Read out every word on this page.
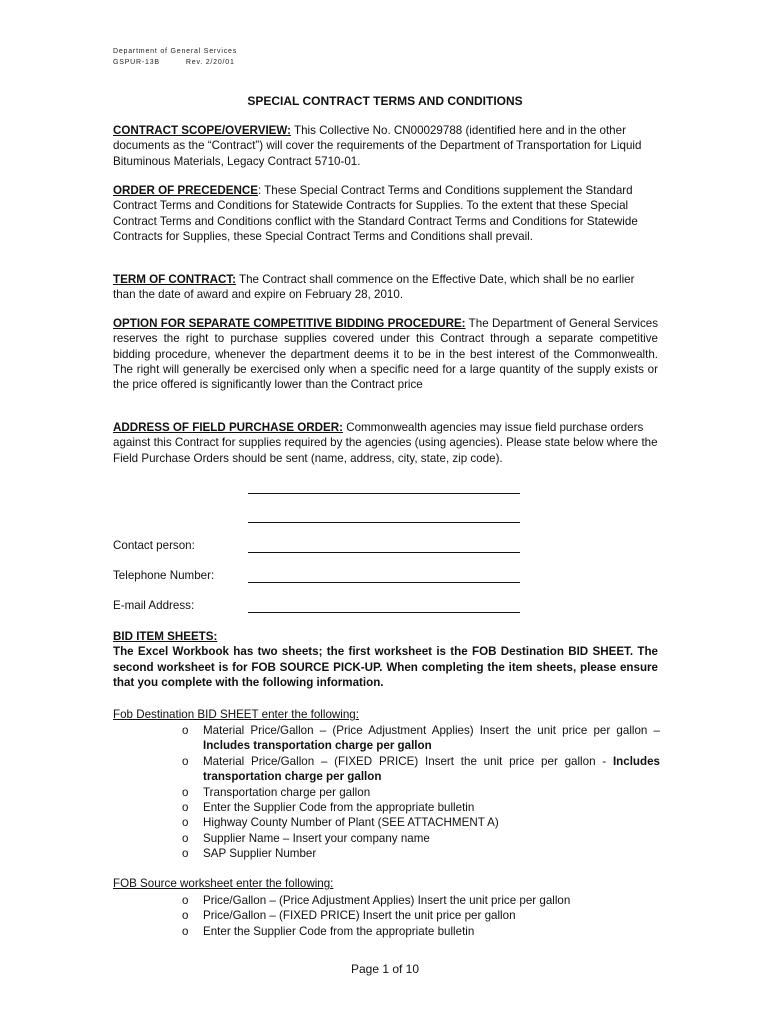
Department of General Services
GSPUR-13B	Rev. 2/20/01
SPECIAL CONTRACT TERMS AND CONDITIONS

CONTRACT SCOPE/OVERVIEW: This Collective No. CN00029788 (identified here and in the other documents as the “Contract”) will cover the requirements of the Department of Transportation for Liquid Bituminous Materials, Legacy Contract 5710-01.

ORDER OF PRECEDENCE: These Special Contract Terms and Conditions supplement the Standard Contract Terms and Conditions for Statewide Contracts for Supplies. To the extent that these Special Contract Terms and Conditions conflict with the Standard Contract Terms and Conditions for Statewide Contracts for Supplies, these Special Contract Terms and Conditions shall prevail.

TERM OF CONTRACT: The Contract shall commence on the Effective Date, which shall be no earlier than the date of award and expire on February 28, 2010.

OPTION FOR SEPARATE COMPETITIVE BIDDING PROCEDURE: The Department of General Services reserves the right to purchase supplies covered under this Contract through a separate competitive bidding procedure, whenever the department deems it to be in the best interest of the Commonwealth. The right will generally be exercised only when a specific need for a large quantity of the supply exists or the price offered is significantly lower than the Contract price

ADDRESS OF FIELD PURCHASE ORDER: Commonwealth agencies may issue field purchase orders against this Contract for supplies required by the agencies (using agencies). Please state below where the Field Purchase Orders should be sent (name, address, city, state, zip code).

Contact person:
Telephone Number:
E-mail Address:

BID ITEM SHEETS:
The Excel Workbook has two sheets; the first worksheet is the FOB Destination BID SHEET. The second worksheet is for FOB SOURCE PICK-UP. When completing the item sheets, please ensure that you complete with the following information.

Fob Destination BID SHEET enter the following:
o Material Price/Gallon – (Price Adjustment Applies) Insert the unit price per gallon – Includes transportation charge per gallon
o Material Price/Gallon – (FIXED PRICE) Insert the unit price per gallon - Includes transportation charge per gallon
o Transportation charge per gallon
o Enter the Supplier Code from the appropriate bulletin
o Highway County Number of Plant (SEE ATTACHMENT A)
o Supplier Name – Insert your company name
o SAP Supplier Number
FOB Source worksheet enter the following:
o Price/Gallon – (Price Adjustment Applies) Insert the unit price per gallon
o Price/Gallon – (FIXED PRICE) Insert the unit price per gallon
o Enter the Supplier Code from the appropriate bulletin
Page 1 of 10
